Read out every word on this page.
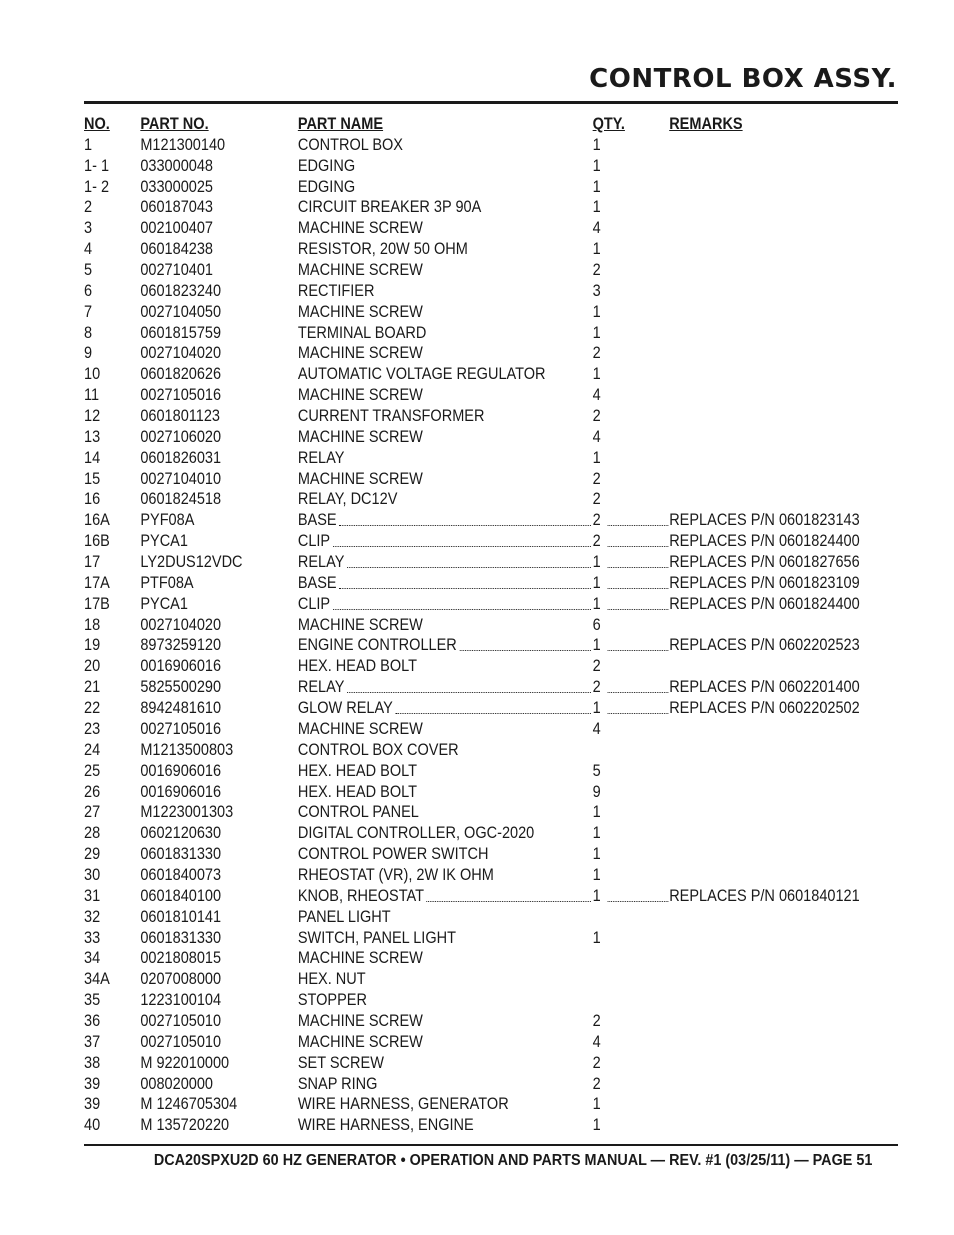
CONTROL BOX ASSY.
NO. PART NO.	PART NAME	QTY.	REMARKS
1	M121300140	CONTROL BOX	1
1- 1 033000048	EDGING	1
1- 2 033000025	EDGING	1
2	060187043	CIRCUIT BREAKER 3P 90A	1
3	002100407	MACHINE SCREW	4
4	060184238	RESISTOR, 20W 50 OHM	1
5	002710401	MACHINE SCREW	2
6	0601823240	RECTIFIER	3
7	0027104050	MACHINE SCREW	1
8	0601815759	TERMINAL BOARD	1
9	0027104020	MACHINE SCREW	2
10 0601820626	AUTOMATIC VOLTAGE REGULATOR	1
11 0027105016	MACHINE SCREW	4
12 0601801123	CURRENT TRANSFORMER	2
13 0027106020	MACHINE SCREW	4
14 0601826031	RELAY	1
15 0027104010	MACHINE SCREW	2
16 0601824518	RELAY, DC12V	2
16A PYF08A	BASE	2	REPLACES P/N 0601823143
16B PYCA1	CLIP	2	REPLACES P/N 0601824400
17 LY2DUS12VDC	RELAY	1	REPLACES P/N 0601827656
17A PTF08A	BASE	1	REPLACES P/N 0601823109
17B PYCA1	CLIP	1	REPLACES P/N 0601824400
18 0027104020	MACHINE SCREW	6
19 8973259120	ENGINE CONTROLLER	1	REPLACES P/N 0602202523
20 0016906016	HEX. HEAD BOLT	2
21 5825500290	RELAY	2	REPLACES P/N 0602201400
22 8942481610	GLOW RELAY	1	REPLACES P/N 0602202502
23 0027105016	MACHINE SCREW	4
24 M1213500803	CONTROL BOX COVER
25 0016906016	HEX. HEAD BOLT	5
26 0016906016	HEX. HEAD BOLT	9
27 M1223001303	CONTROL PANEL	1
28 0602120630	DIGITAL CONTROLLER, OGC-2020	1
29 0601831330	CONTROL POWER SWITCH	1
30 0601840073	RHEOSTAT (VR), 2W IK OHM	1
31 0601840100	KNOB, RHEOSTAT	1	REPLACES P/N 0601840121
32 0601810141	PANEL LIGHT
33 0601831330	SWITCH, PANEL LIGHT	1
34 0021808015	MACHINE SCREW
34A 0207008000	HEX. NUT
35 1223100104	STOPPER
36 0027105010	MACHINE SCREW	2
37 0027105010	MACHINE SCREW	4
38 M 922010000	SET SCREW	2
39 008020000	SNAP RING	2
39 M 1246705304	WIRE HARNESS, GENERATOR	1
40 M 135720220	WIRE HARNESS, ENGINE	1
DCA20SPXU2D 60 HZ GENERATOR • OPERATION AND PARTS MANUAL — REV. #1 (03/25/11) — PAGE 51
